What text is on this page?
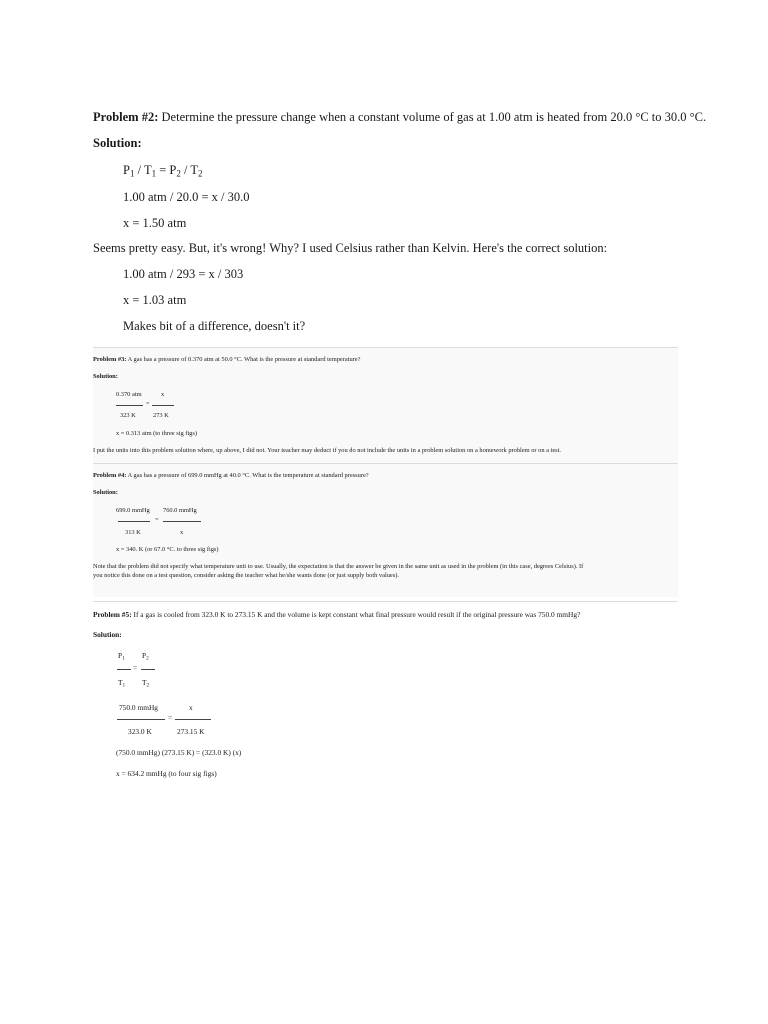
Problem #2: Determine the pressure change when a constant volume of gas at 1.00 atm is heated from 20.0 °C to 30.0 °C.
Solution:
$P_1 / T_1 = P_2 / T_2$
1.00 atm / 20.0 = x / 30.0
x = 1.50 atm
Seems pretty easy. But, it's wrong! Why? I used Celsius rather than Kelvin. Here's the correct solution:
1.00 atm / 293 = x / 303
x = 1.03 atm
Makes bit of a difference, doesn't it?
Problem #3: A gas has a pressure of 0.370 atm at 50.0 °C. What is the pressure at standard temperature?
Solution:
0.370 atm	x
=
323 K	273 K
x = 0.313 atm (to three sig figs)
I put the units into this problem solution where, up above, I did not. Your teacher may deduct if you do not include the units in a problem solution on a homework problem or on a test.
Problem #4: A gas has a pressure of 699.0 mmHg at 40.0 °C. What is the temperature at standard pressure?
Solution:
699.0 mmHg 760.0 mmHg
=
313 K	x
x = 340. K (or 67.0 °C. to three sig figs)
Note that the problem did not specify what temperature unit to use. Usually, the expectation is that the answer be given in the same unit as used in the problem (in this case, degrees Celsius). If
you notice this done on a test question, consider asking the teacher what he/she wants done (or just supply both values).
Problem #5: If a gas is cooled from 323.0 K to 273.15 K and the volume is kept constant what final pressure would result if the original pressure was 750.0 mmHg?
Solution:
$P_1$ $P_2$
=
$T_1$ $T_2$
750.0 mmHg	x
=
323.0 K	273.15 K
(750.0 mmHg) (273.15 K) = (323.0 K) (x)
x = 634.2 mmHg (to four sig figs)
